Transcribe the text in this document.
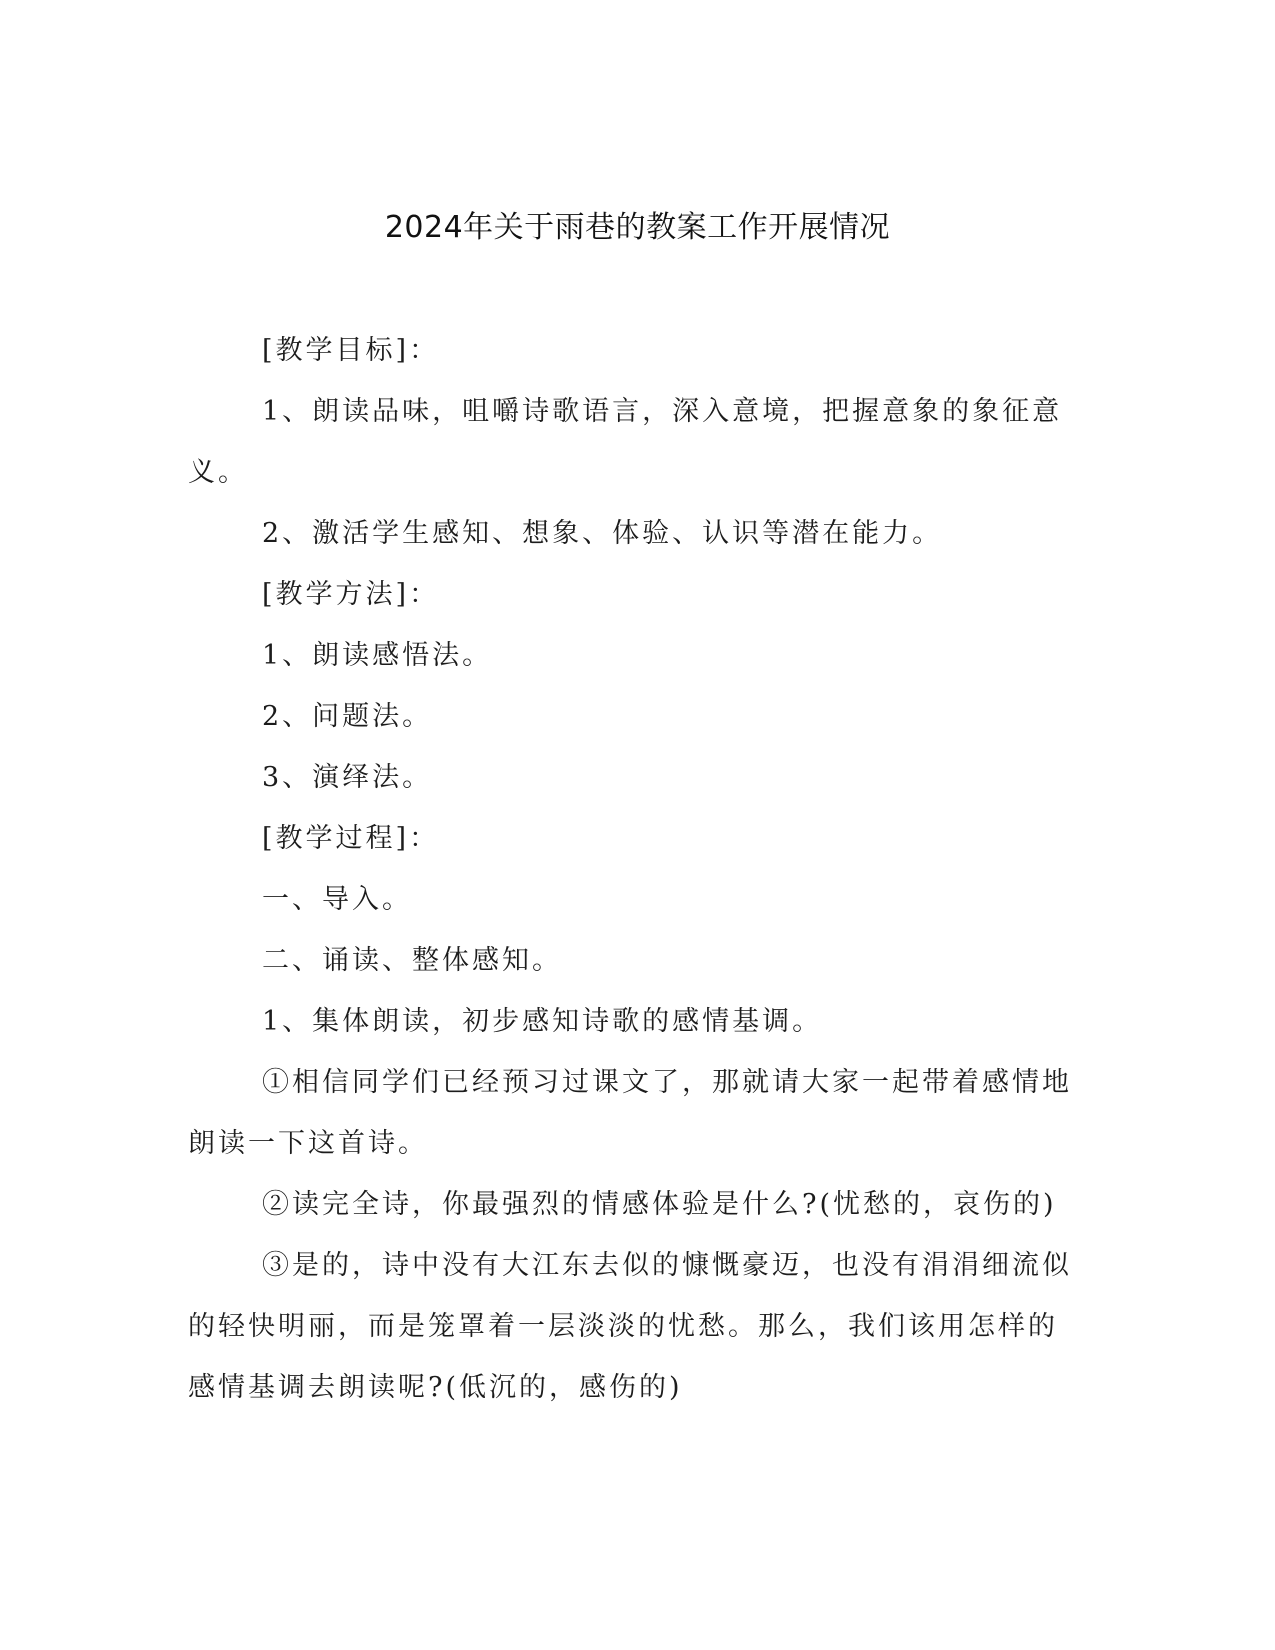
2024年关于雨巷的教案工作开展情况

[教学目标]：

1、朗读品味，咀嚼诗歌语言，深入意境，把握意象的象征意义。

2、激活学生感知、想象、体验、认识等潜在能力。

[教学方法]：

1、朗读感悟法。

2、问题法。

3、演绎法。

[教学过程]：

一、导入。

二、诵读、整体感知。

1、集体朗读，初步感知诗歌的感情基调。

①相信同学们已经预习过课文了，那就请大家一起带着感情地朗读一下这首诗。

②读完全诗，你最强烈的情感体验是什么?(忧愁的，哀伤的)

③是的，诗中没有大江东去似的慷慨豪迈，也没有涓涓细流似的轻快明丽，而是笼罩着一层淡淡的忧愁。那么，我们该用怎样的感情基调去朗读呢?(低沉的，感伤的)
